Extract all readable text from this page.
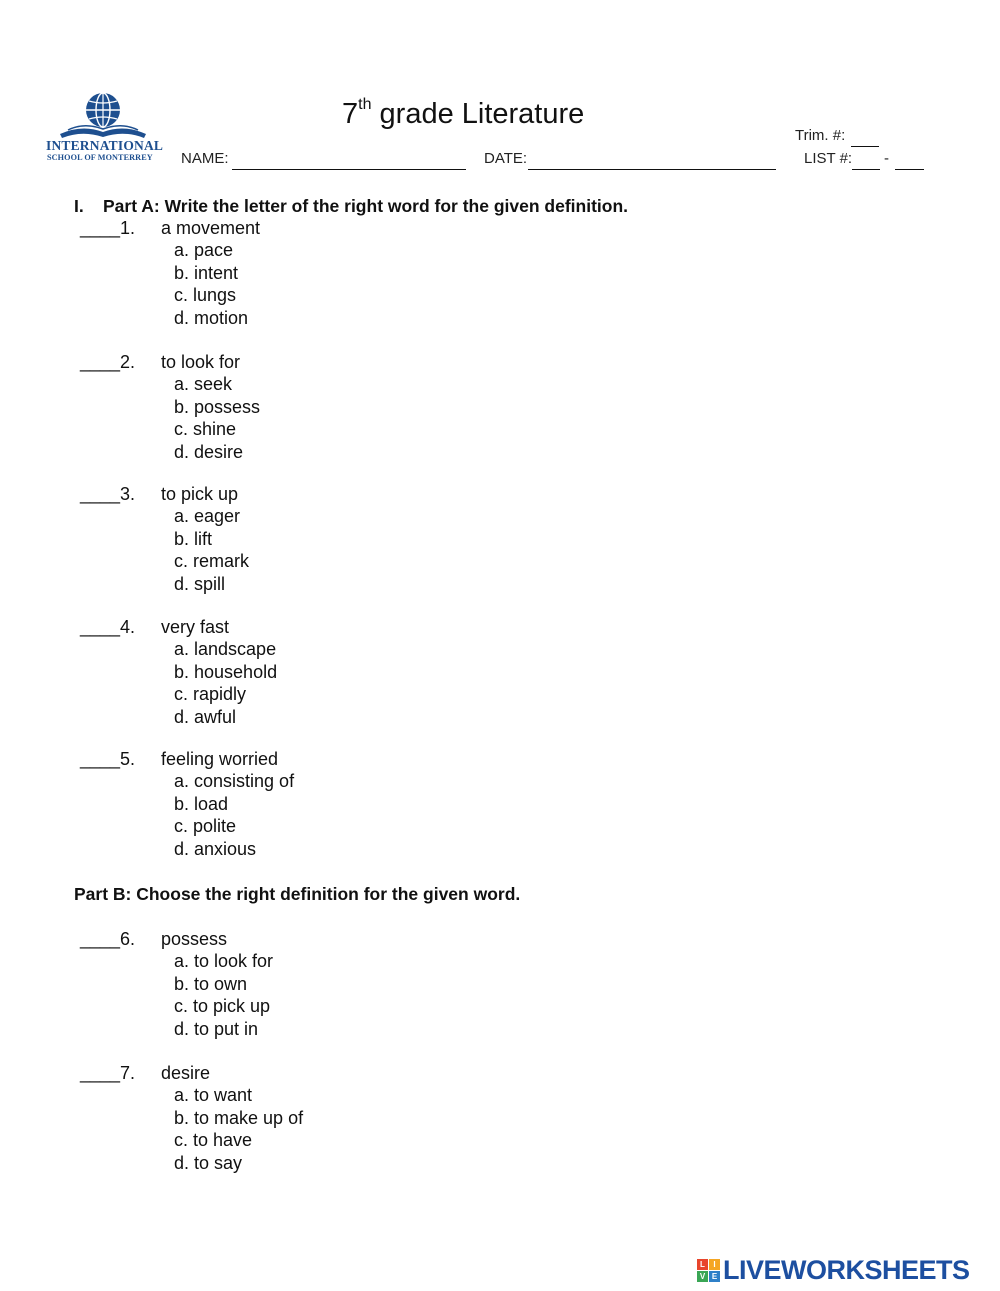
INTERNATIONAL
SCHOOL OF MONTERREY
7th grade Literature
NAME:	DATE:
Trim. #:
LIST #: -
I. Part A: Write the letter of the right word for the given definition.
____1. a movement
a. pace
b. intent
c. lungs
d. motion
____2. to look for
a. seek
b. possess
c. shine
d. desire
____3. to pick up
a. eager
b. lift
c. remark
d. spill
____4. very fast
a. landscape
b. household
c. rapidly
d. awful
____5. feeling worried
a. consisting of
b. load
c. polite
d. anxious
____6. possess
a. to look for
b. to own
c. to pick up
d. to put in
____7. desire
a. to want
b. to make up of
c. to have
d. to say
Part B: Choose the right definition for the given word.
L	I
V E LIVEWORKSHEETS
